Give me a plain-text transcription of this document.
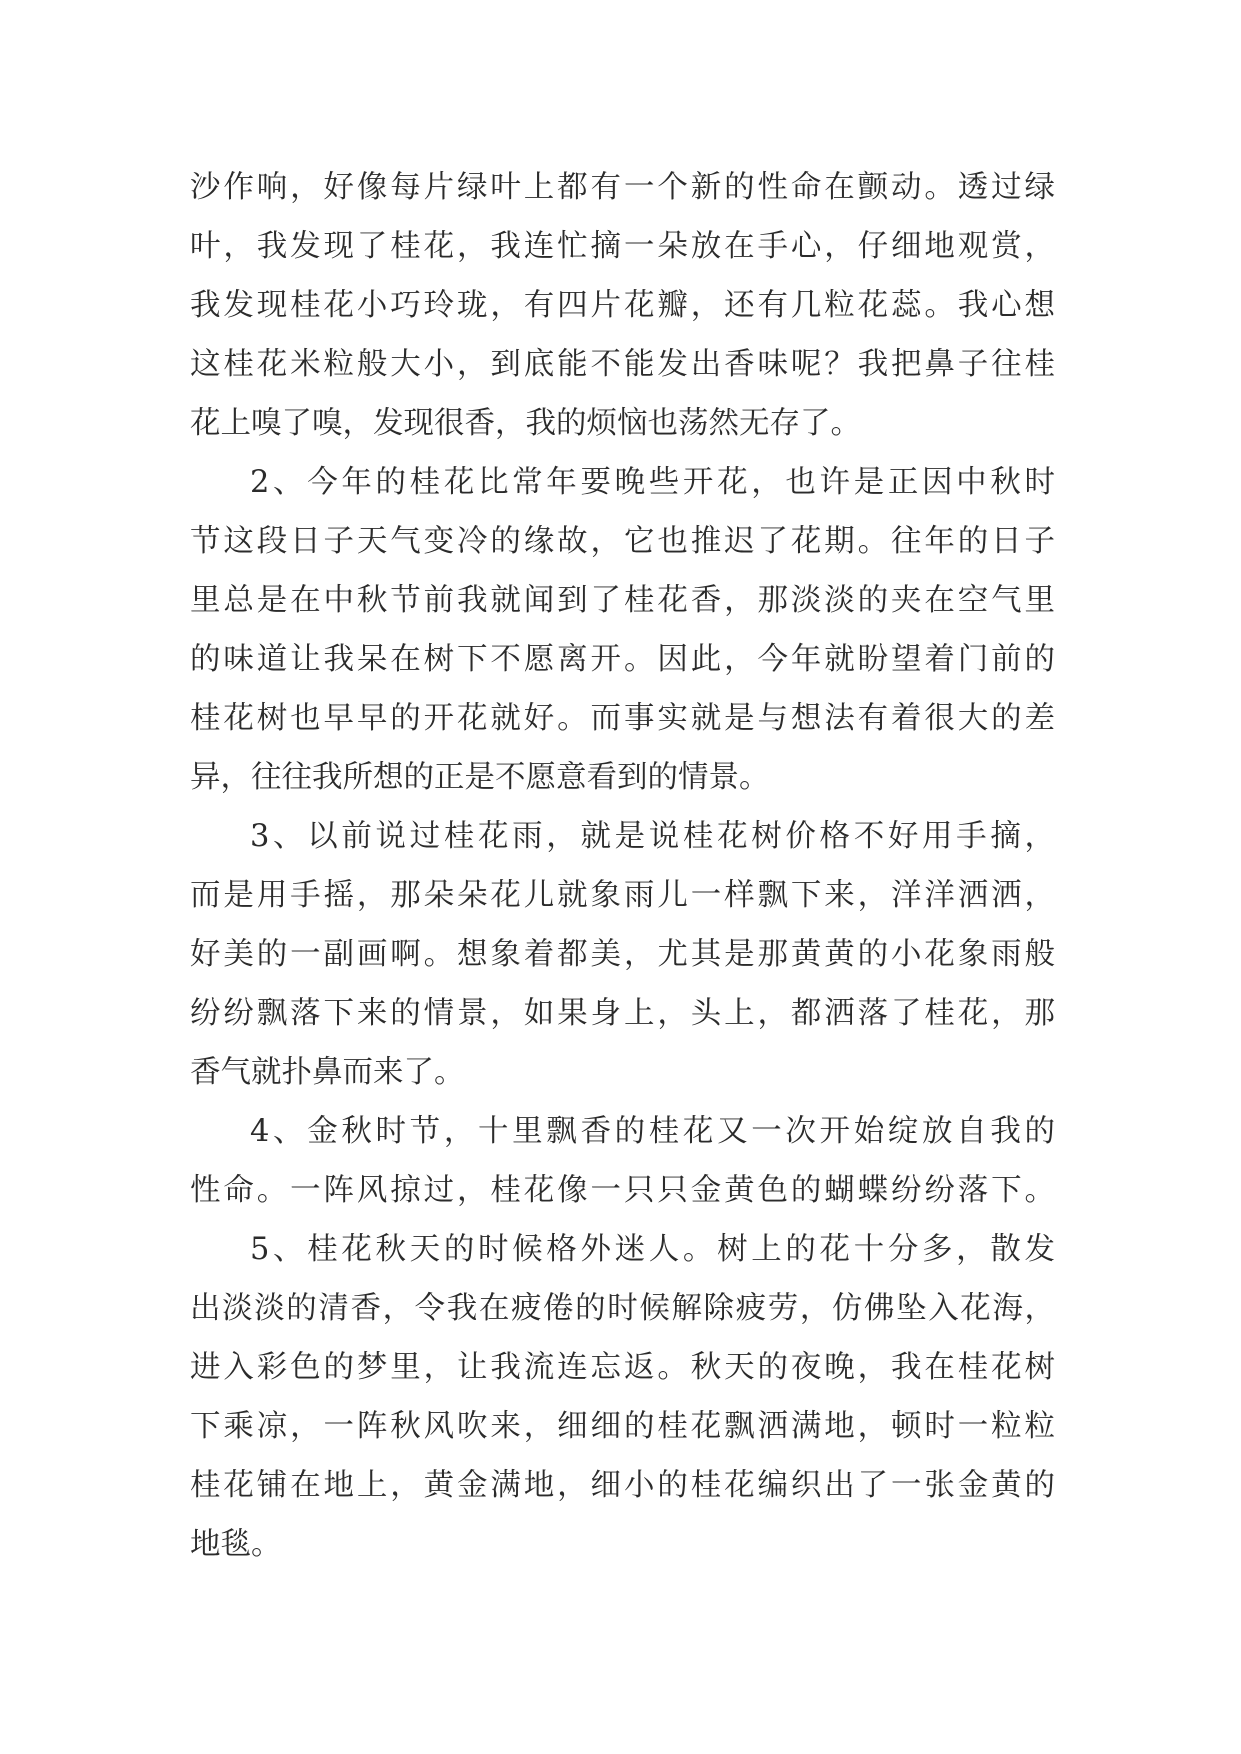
沙作响，好像每片绿叶上都有一个新的性命在颤动。透过绿
叶，我发现了桂花，我连忙摘一朵放在手心，仔细地观赏，
我发现桂花小巧玲珑，有四片花瓣，还有几粒花蕊。我心想
这桂花米粒般大小，到底能不能发出香味呢？我把鼻子往桂
花上嗅了嗅，发现很香，我的烦恼也荡然无存了。
2、今年的桂花比常年要晚些开花，也许是正因中秋时
节这段日子天气变冷的缘故，它也推迟了花期。往年的日子
里总是在中秋节前我就闻到了桂花香，那淡淡的夹在空气里
的味道让我呆在树下不愿离开。因此，今年就盼望着门前的
桂花树也早早的开花就好。而事实就是与想法有着很大的差
异，往往我所想的正是不愿意看到的情景。
3、以前说过桂花雨，就是说桂花树价格不好用手摘，
而是用手摇，那朵朵花儿就象雨儿一样飘下来，洋洋洒洒，
好美的一副画啊。想象着都美，尤其是那黄黄的小花象雨般
纷纷飘落下来的情景，如果身上，头上，都洒落了桂花，那
香气就扑鼻而来了。
4、金秋时节，十里飘香的桂花又一次开始绽放自我的
性命。一阵风掠过，桂花像一只只金黄色的蝴蝶纷纷落下。
5、桂花秋天的时候格外迷人。树上的花十分多，散发
出淡淡的清香，令我在疲倦的时候解除疲劳，仿佛坠入花海，
进入彩色的梦里，让我流连忘返。秋天的夜晚，我在桂花树
下乘凉，一阵秋风吹来，细细的桂花飘洒满地，顿时一粒粒
桂花铺在地上，黄金满地，细小的桂花编织出了一张金黄的
地毯。
